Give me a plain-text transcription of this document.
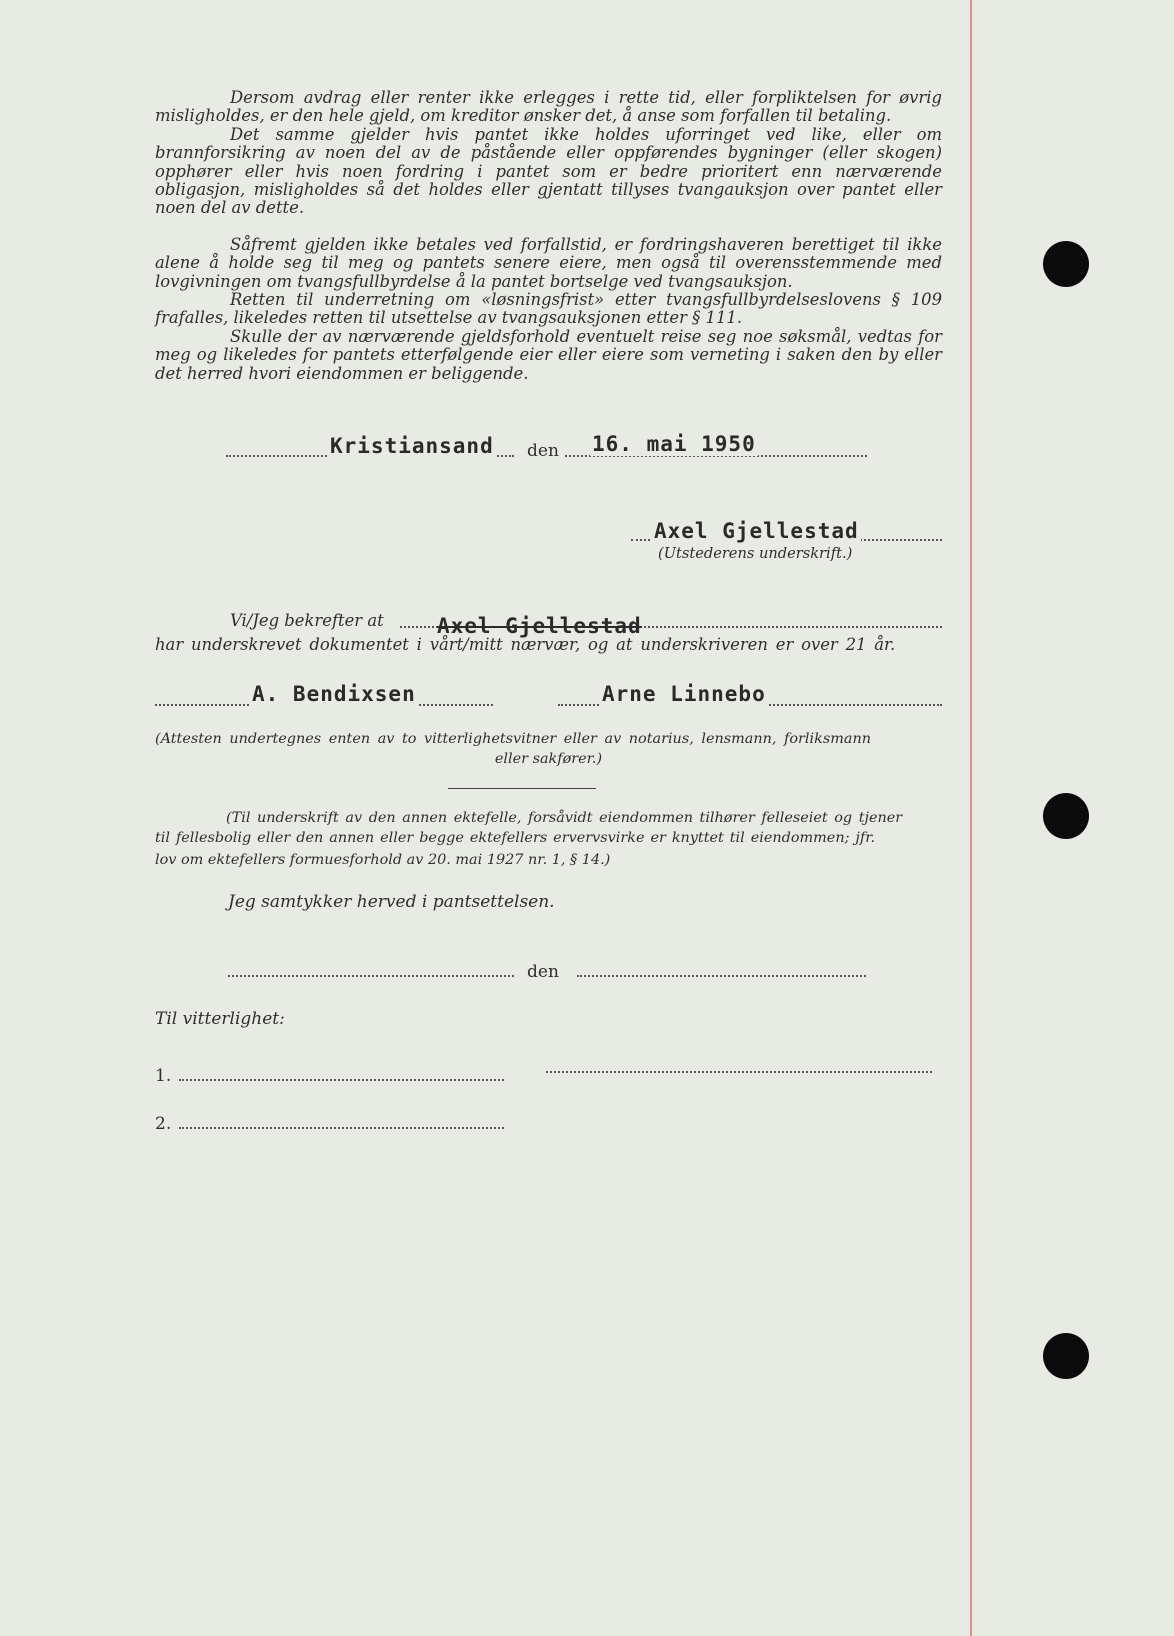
Dersom avdrag eller renter ikke erlegges i rette tid, eller forpliktelsen for øvrig misligholdes, er den hele gjeld, om kreditor ønsker det, å anse som forfallen til betaling.
Det samme gjelder hvis pantet ikke holdes uforringet ved like, eller om brannforsikring av noen del av de påstående eller oppførendes bygninger (eller skogen) opphører eller hvis noen fordring i pantet som er bedre prioritert enn nærværende obligasjon, misligholdes så det holdes eller gjentatt tillyses tvangauksjon over pantet eller noen del av dette.
Såfremt gjelden ikke betales ved forfallstid, er fordringshaveren berettiget til ikke alene å holde seg til meg og pantets senere eiere, men også til overensstemmende med lovgivningen om tvangsfullbyrdelse å la pantet bortselge ved tvangsauksjon.
Retten til underretning om «løsningsfrist» etter tvangsfullbyrdelseslovens § 109 frafalles, likeledes retten til utsettelse av tvangsauksjonen etter § 111.
Skulle der av nærværende gjeldsforhold eventuelt reise seg noe søksmål, vedtas for meg og likeledes for pantets etterfølgende eier eller eiere som verneting i saken den by eller det herred hvori eiendommen er beliggende.
Kristiansand den 16. mai 1950
Axel Gjellestad
(Utstederens underskrift.)
Vi/Jeg bekrefter at	Axel Gjellestad
har underskrevet dokumentet i vårt/mitt nærvær, og at underskriveren er over 21 år.
A. Bendixsen	Arne Linnebo
(Attesten undertegnes enten av to vitterlighetsvitner eller av notarius, lensmann, forliksmann
eller sakfører.)
(Til underskrift av den annen ektefelle, forsåvidt eiendommen tilhører felleseiet og tjener
til fellesbolig eller den annen eller begge ektefellers ervervsvirke er knyttet til eiendommen; jfr.
lov om ektefellers formuesforhold av 20. mai 1927 nr. 1, § 14.)
Jeg samtykker herved i pantsettelsen.
den
Til vitterlighet:
1.
2.
